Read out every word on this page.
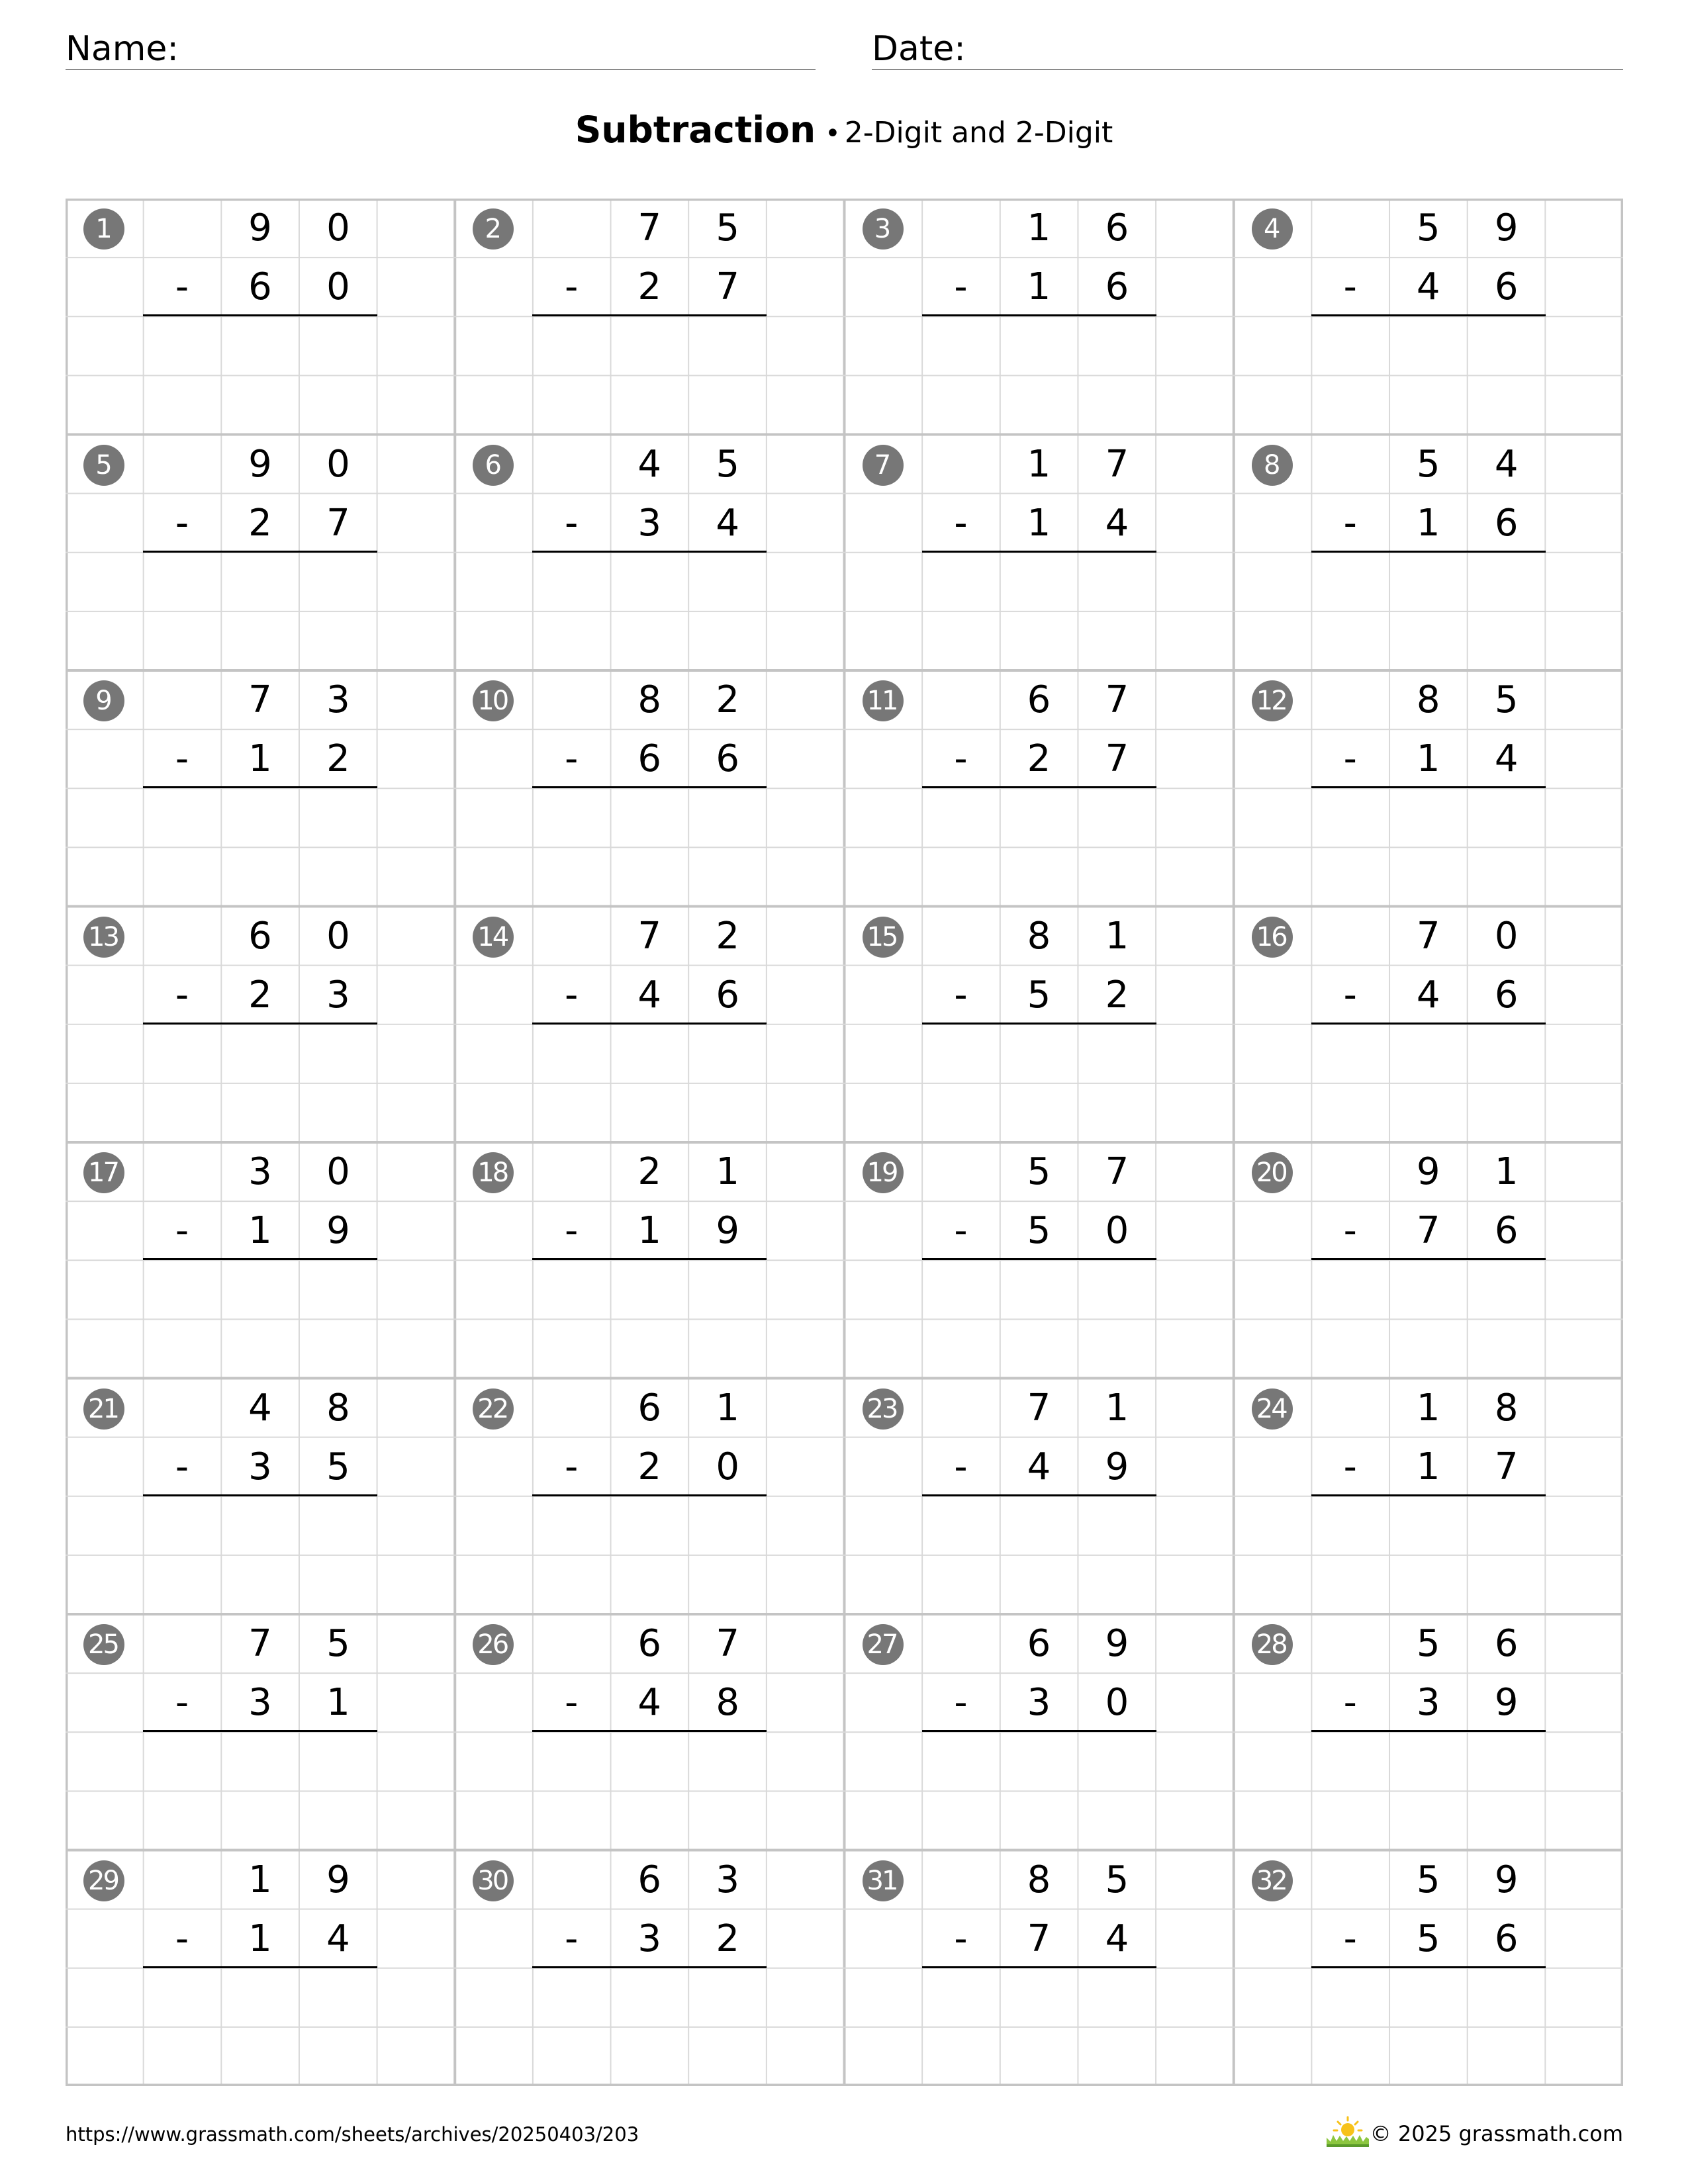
Name:	Date:
Subtraction • 2-Digit and 2-Digit
1	9	0
-	6	0
2	7	5
-	2	7
3	1	6
-	1	6
4	5	9
-	4	6
5	9	0
-	2	7
6	4	5
-	3	4
7	1	7
-	1	4
8	5	4
-	1	6
9	7	3
-	1	2
10	8	2
-	6	6
11	6	7
-	2	7
12	8	5
-	1	4
13	6	0
-	2	3
14	7	2
-	4	6
15	8	1
-	5	2
16	7	0
-	4	6
17	3	0
-	1	9
18	2	1
-	1	9
19	5	7
-	5	0
20	9	1
-	7	6
21	4	8
-	3	5
22	6	1
-	2	0
23	7	1
-	4	9
24	1	8
-	1	7
25	7	5
-	3	1
26	6	7
-	4	8
27	6	9
-	3	0
28	5	6
-	3	9
29	1	9
-	1	4
30	6	3
-	3	2
31	8	5
-	7	4
32	5	9
-	5	6
https://www.grassmath.com/sheets/archives/20250403/203	© 2025 grassmath.com
